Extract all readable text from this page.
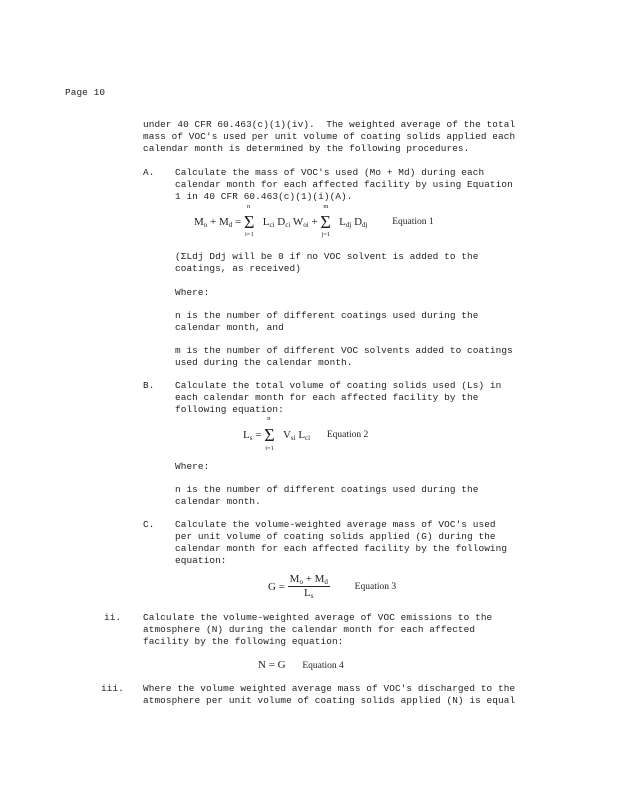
Page 10
under 40 CFR 60.463(c)(1)(iv).  The weighted average of the total
mass of VOC's used per unit volume of coating solids applied each
calendar month is determined by the following procedures.
A. Calculate the mass of VOC's used (Mo + Md) during each
calendar month for each affected facility by using Equation
1 in 40 CFR 60.463(c)(1)(i)(A).
$M_o + M_d$ =
n
Σ
i=1
$L_{ci}$ $D_{ci}$ $W_{oi}$ +
m
Σ
j=1
$L_{dj}$ $D_{dj}$	Equation 1
(ΣLdj Ddj will be 0 if no VOC solvent is added to the
coatings, as received)
Where:
n is the number of different coatings used during the
calendar month, and
m is the number of different VOC solvents added to coatings
used during the calendar month.
B. Calculate the total volume of coating solids used (Ls) in
each calendar month for each affected facility by the
following equation:
$L_s$ =
n
Σ
i=1
$V_{si}$ $L_{ci}$ Equation 2
Where:
n is the number of different coatings used during the
calendar month.
C. Calculate the volume-weighted average mass of VOC's used
per unit volume of coating solids applied (G) during the
calendar month for each affected facility by the following
equation:
$G = \frac{M_o + M_d}{L_s}$	Equation 3
ii. Calculate the volume-weighted average of VOC emissions to the
atmosphere (N) during the calendar month for each affected
facility by the following equation:
N = G Equation 4
iii. Where the volume weighted average mass of VOC's discharged to the
atmosphere per unit volume of coating solids applied (N) is equal
